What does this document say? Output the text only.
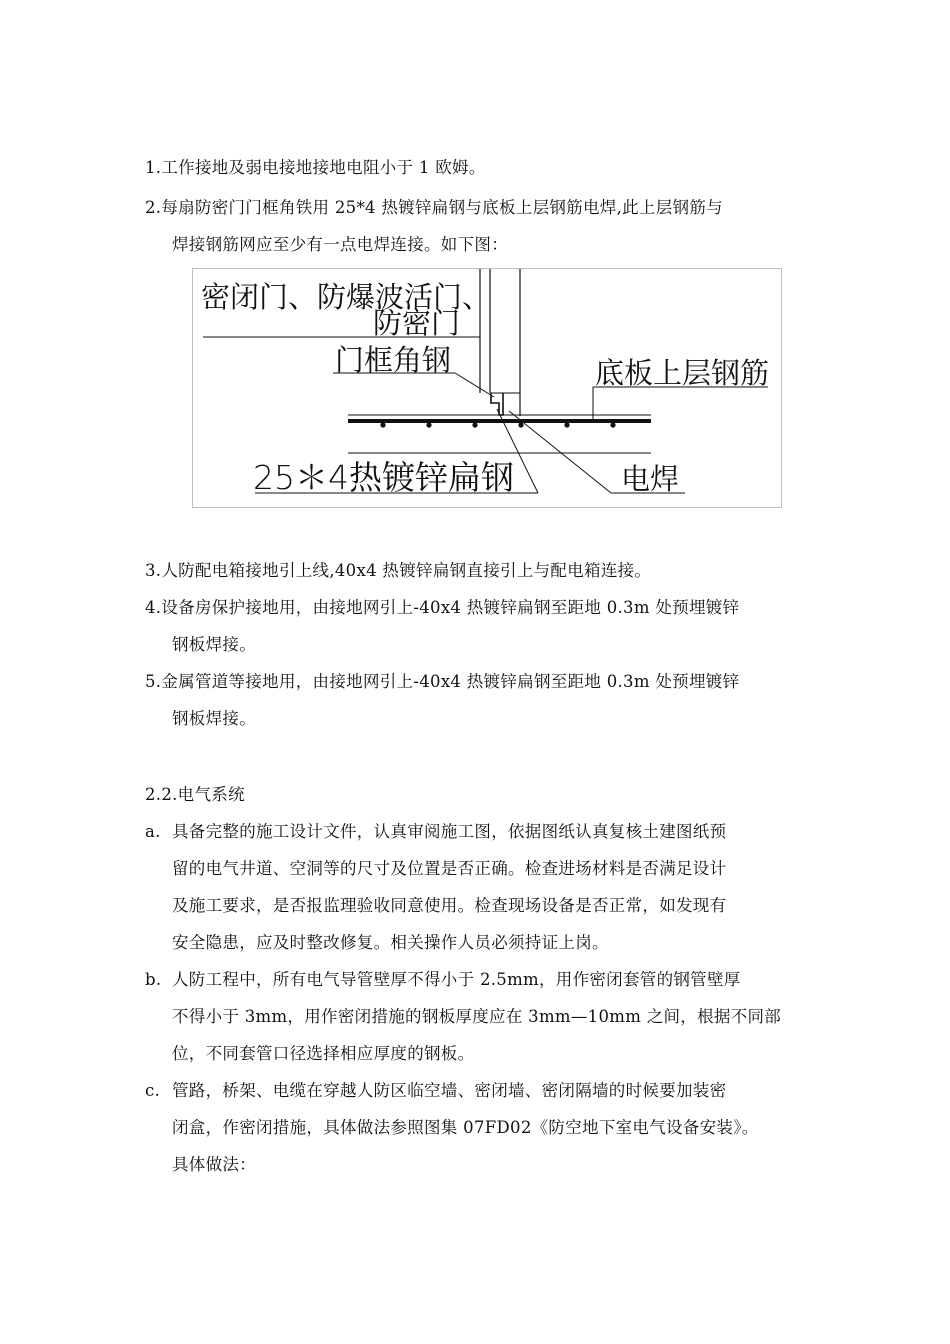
1.工作接地及弱电接地接地电阻小于 1 欧姆。
2.每扇防密门门框角铁用 25*4 热镀锌扁钢与底板上层钢筋电焊,此上层钢筋与
焊接钢筋网应至少有一点电焊连接。如下图：
密闭门、防爆波活门、
防密门
门框角钢	底板上层钢筋
25＊4热镀锌扁钢	电焊
3.人防配电箱接地引上线,40x4 热镀锌扁钢直接引上与配电箱连接。
4.设备房保护接地用，由接地网引上-40x4 热镀锌扁钢至距地 0.3m 处预埋镀锌
钢板焊接。
5.金属管道等接地用，由接地网引上-40x4 热镀锌扁钢至距地 0.3m 处预埋镀锌
钢板焊接。
2.2.电气系统
a. 具备完整的施工设计文件，认真审阅施工图，依据图纸认真复核土建图纸预
留的电气井道、空洞等的尺寸及位置是否正确。检查进场材料是否满足设计
及施工要求，是否报监理验收同意使用。检查现场设备是否正常，如发现有
安全隐患，应及时整改修复。相关操作人员必须持证上岗。
b. 人防工程中，所有电气导管壁厚不得小于 2.5mm，用作密闭套管的钢管壁厚
不得小于 3mm，用作密闭措施的钢板厚度应在 3mm—10mm 之间，根据不同部
位，不同套管口径选择相应厚度的钢板。
c. 管路，桥架、电缆在穿越人防区临空墙、密闭墙、密闭隔墙的时候要加装密
闭盒，作密闭措施，具体做法参照图集 07FD02《防空地下室电气设备安装》。
具体做法：
